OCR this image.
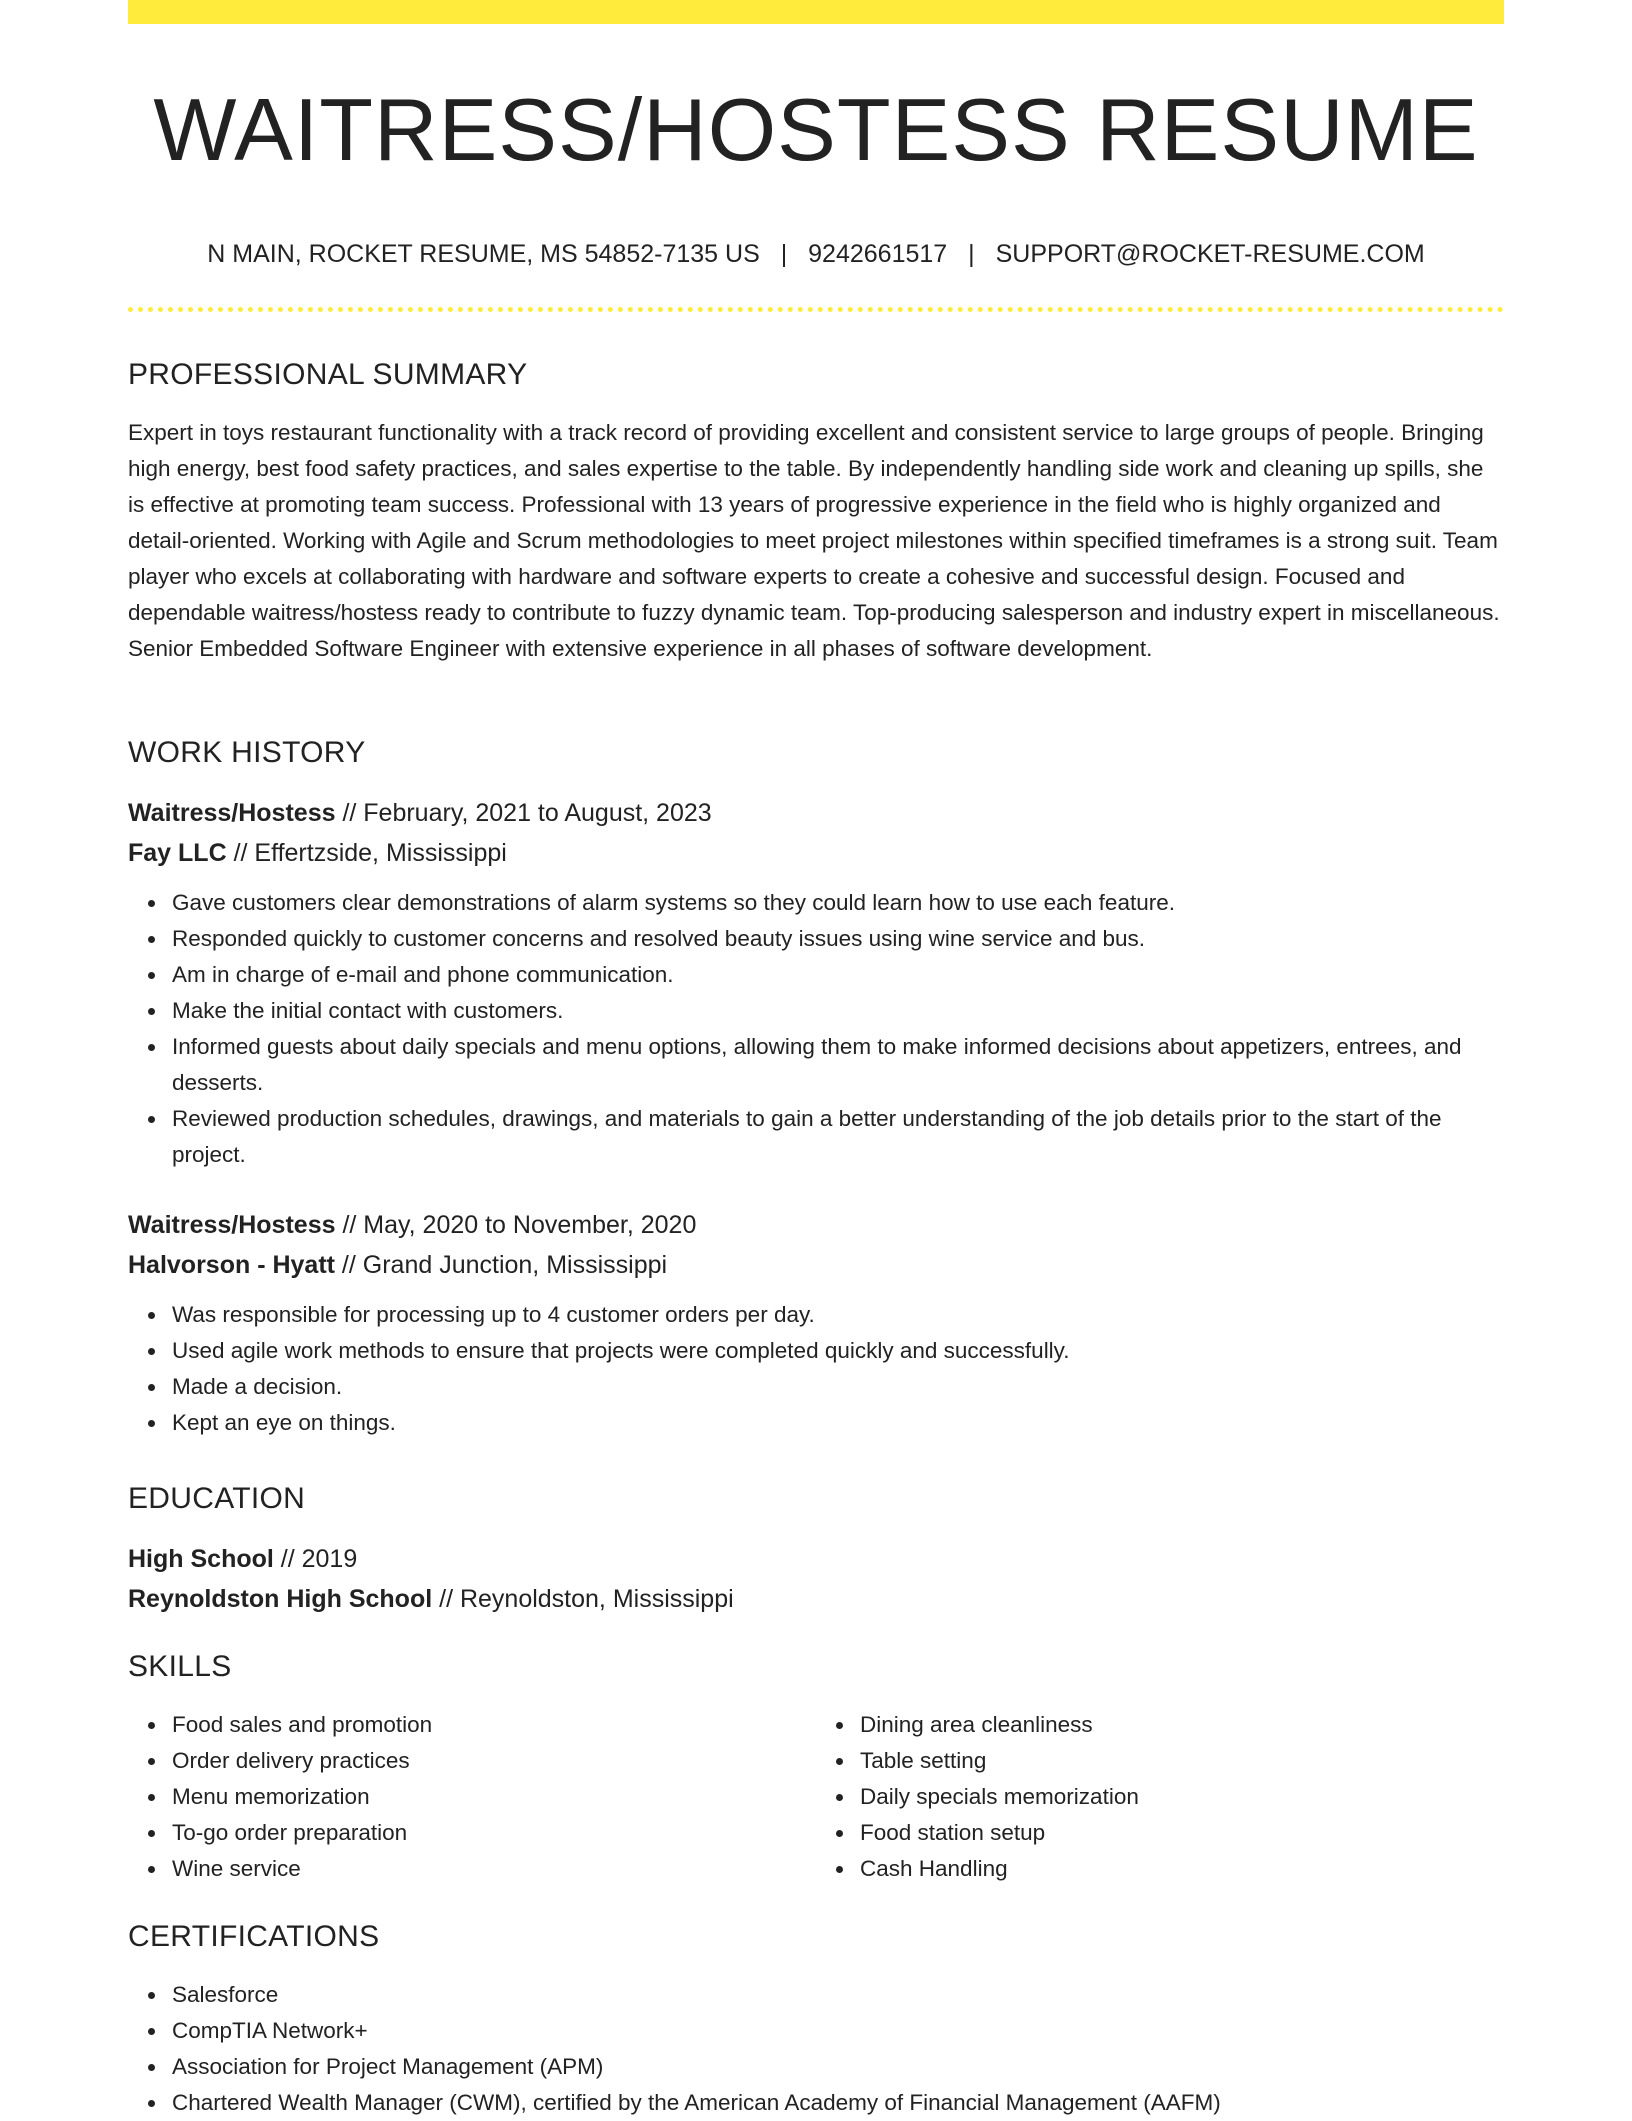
WAITRESS/HOSTESS RESUME
N MAIN, ROCKET RESUME, MS 54852-7135 US | 9242661517 | SUPPORT@ROCKET-RESUME.COM
PROFESSIONAL SUMMARY

Expert in toys restaurant functionality with a track record of providing excellent and consistent service to large groups of people. Bringing high energy, best food safety practices, and sales expertise to the table. By independently handling side work and cleaning up spills, she is effective at promoting team success. Professional with 13 years of progressive experience in the field who is highly organized and detail-oriented. Working with Agile and Scrum methodologies to meet project milestones within specified timeframes is a strong suit. Team player who excels at collaborating with hardware and software experts to create a cohesive and successful design. Focused and dependable waitress/hostess ready to contribute to fuzzy dynamic team. Top-producing salesperson and industry expert in miscellaneous. Senior Embedded Software Engineer with extensive experience in all phases of software development.

WORK HISTORY

Waitress/Hostess // February, 2021 to August, 2023

Fay LLC // Effertzside, Mississippi

Gave customers clear demonstrations of alarm systems so they could learn how to use each feature.
Responded quickly to customer concerns and resolved beauty issues using wine service and bus.
Am in charge of e-mail and phone communication.
Make the initial contact with customers.
Informed guests about daily specials and menu options, allowing them to make informed decisions about appetizers, entrees, and desserts.
Reviewed production schedules, drawings, and materials to gain a better understanding of the job details prior to the start of the project.

Waitress/Hostess // May, 2020 to November, 2020

Halvorson - Hyatt // Grand Junction, Mississippi

Was responsible for processing up to 4 customer orders per day.
Used agile work methods to ensure that projects were completed quickly and successfully.
Made a decision.
Kept an eye on things.
EDUCATION

High School // 2019

Reynoldston High School // Reynoldston, Mississippi

SKILLS
Food sales and promotion
Order delivery practices
Menu memorization
To-go order preparation
Wine service
Dining area cleanliness
Table setting
Daily specials memorization
Food station setup
Cash Handling
CERTIFICATIONS
Salesforce
CompTIA Network+
Association for Project Management (APM)
Chartered Wealth Manager (CWM), certified by the American Academy of Financial Management (AAFM)
